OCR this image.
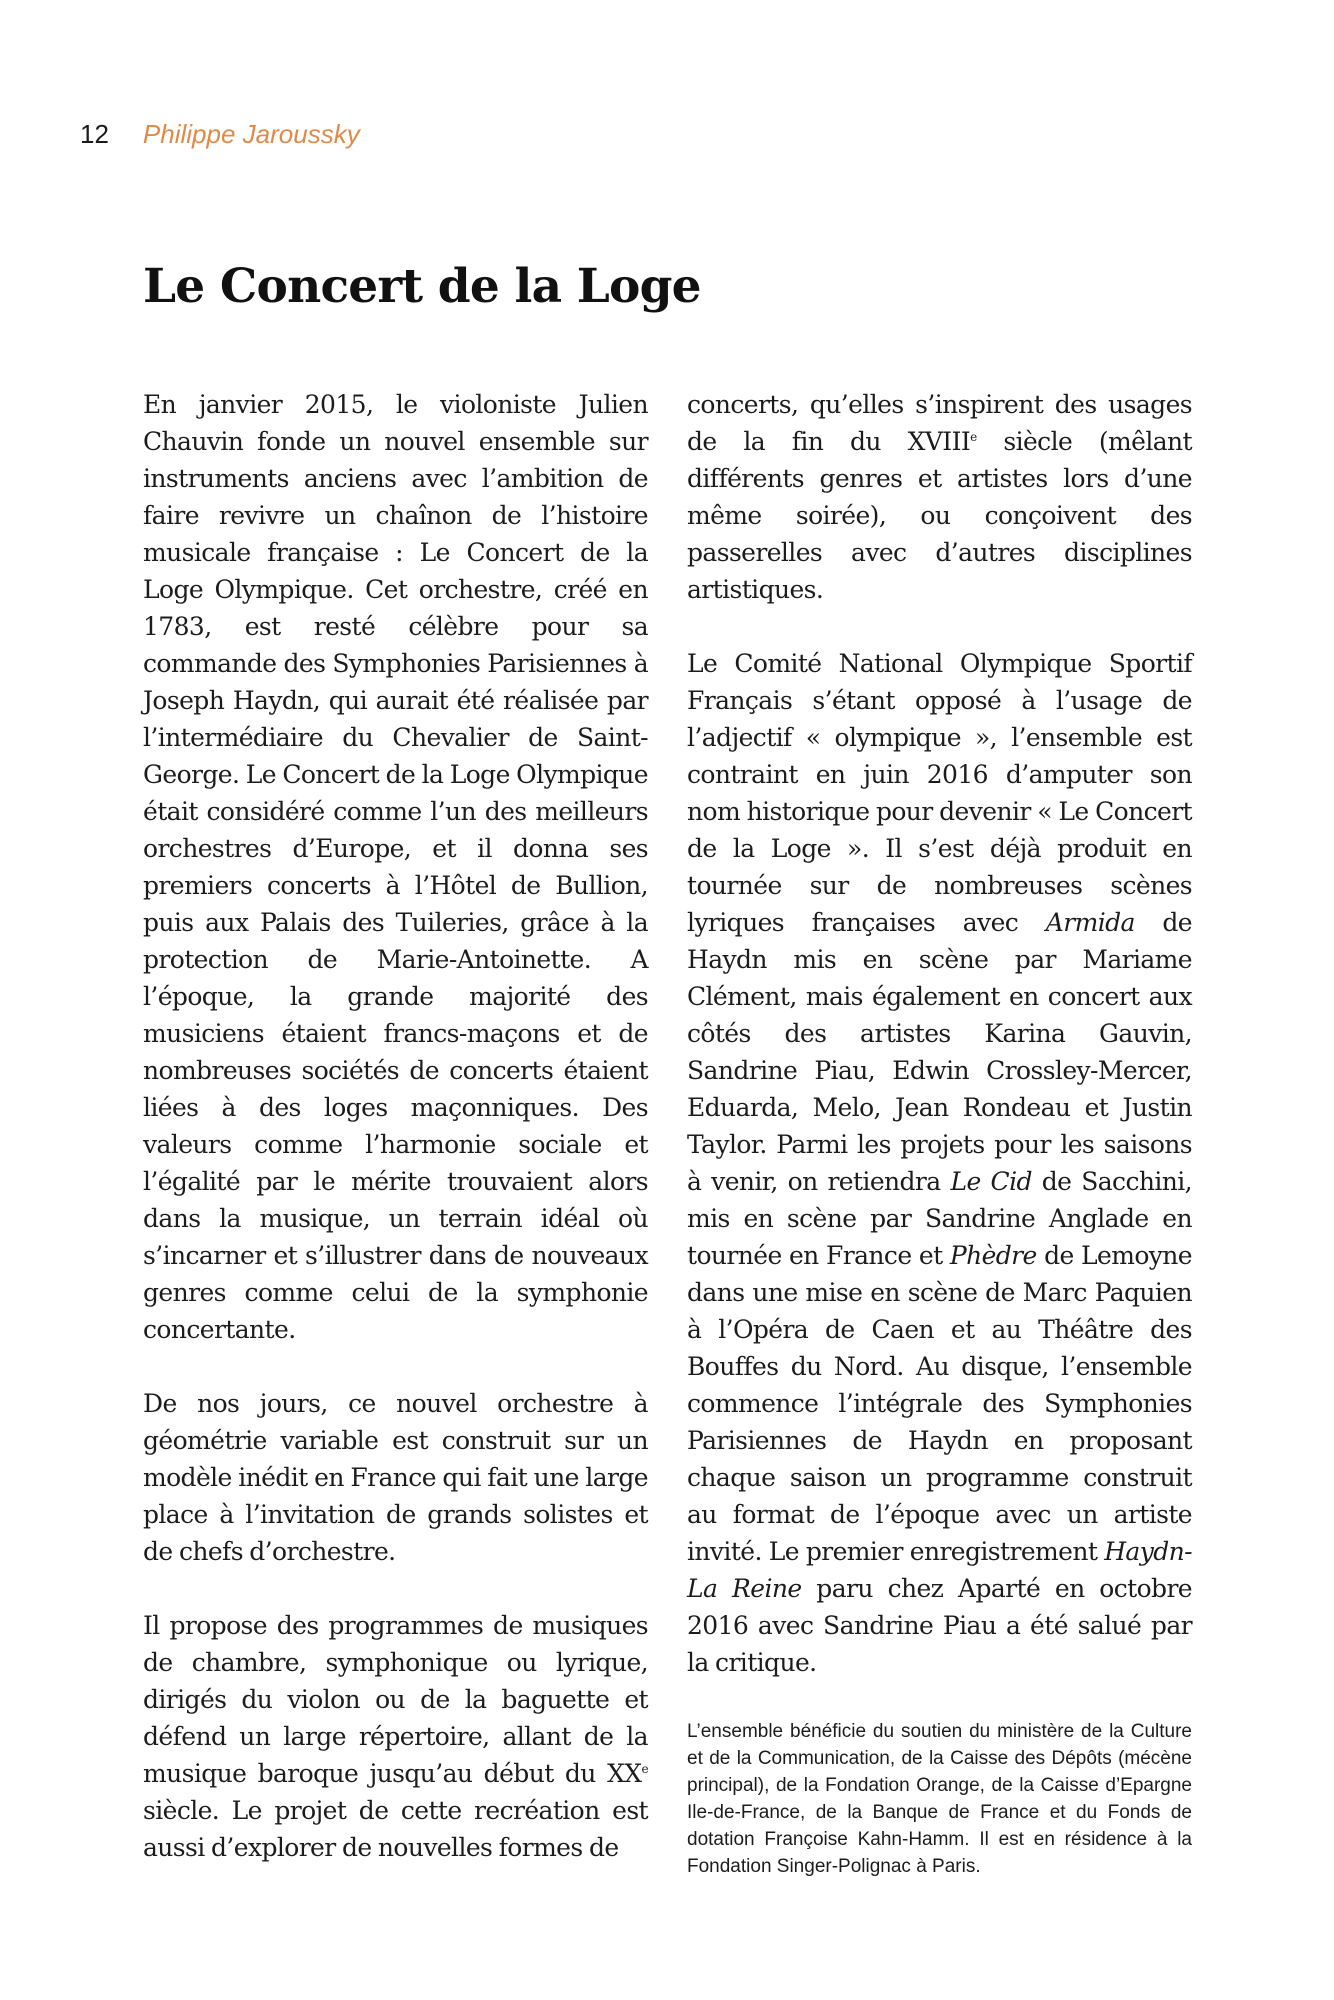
12 Philippe Jaroussky
Le Concert de la Loge

En janvier 2015, le violoniste Julien Chauvin fonde un nouvel ensemble sur instruments anciens avec l’ambition de faire revivre un chaînon de l’histoire musicale française : Le Concert de la Loge Olympique. Cet orchestre, créé en 1783, est resté célèbre pour sa commande des Symphonies Parisiennes à Joseph Haydn, qui aurait été réalisée par l’intermédiaire du Chevalier de Saint-George. Le Concert de la Loge Olympique était considéré comme l’un des meilleurs orchestres d’Europe, et il donna ses premiers concerts à l’Hôtel de Bullion, puis aux Palais des Tuileries, grâce à la protection de Marie-Antoinette. A l’époque, la grande majorité des musiciens étaient francs-maçons et de nombreuses sociétés de concerts étaient liées à des loges maçonniques. Des valeurs comme l’harmonie sociale et l’égalité par le mérite trouvaient alors dans la musique, un terrain idéal où s’incarner et s’illustrer dans de nouveaux genres comme celui de la symphonie concertante.

De nos jours, ce nouvel orchestre à géométrie variable est construit sur un modèle inédit en France qui fait une large place à l’invitation de grands solistes et de chefs d’orchestre.

Il propose des programmes de musiques de chambre, symphonique ou lyrique, dirigés du violon ou de la baguette et défend un large répertoire, allant de la musique baroque jusqu’au début du XXe siècle. Le projet de cette recréation est aussi d’explorer de nouvelles formes de

concerts, qu’elles s’inspirent des usages de la fin du XVIIIe siècle (mêlant différents genres et artistes lors d’une même soirée), ou conçoivent des passerelles avec d’autres disciplines artistiques.

Le Comité National Olympique Sportif Français s’étant opposé à l’usage de l’adjectif « olympique », l’ensemble est contraint en juin 2016 d’amputer son nom historique pour devenir « Le Concert de la Loge ». Il s’est déjà produit en tournée sur de nombreuses scènes lyriques françaises avec Armida de Haydn mis en scène par Mariame Clément, mais également en concert aux côtés des artistes Karina Gauvin, Sandrine Piau, Edwin Crossley-Mercer, Eduarda, Melo, Jean Rondeau et Justin Taylor. Parmi les projets pour les saisons à venir, on retiendra Le Cid de Sacchini, mis en scène par Sandrine Anglade en tournée en France et Phèdre de Lemoyne dans une mise en scène de Marc Paquien à l’Opéra de Caen et au Théâtre des Bouffes du Nord. Au disque, l’ensemble commence l’intégrale des Symphonies Parisiennes de Haydn en proposant chaque saison un programme construit au format de l’époque avec un artiste invité. Le premier enregistrement Haydn-La Reine paru chez Aparté en octobre 2016 avec Sandrine Piau a été salué par la critique.

L’ensemble bénéficie du soutien du ministère de la Culture et de la Communication, de la Caisse des Dépôts (mécène principal), de la Fondation Orange, de la Caisse d’Epargne Ile-de-France, de la Banque de France et du Fonds de dotation Françoise Kahn-Hamm. Il est en résidence à la Fondation Singer-Polignac à Paris.
